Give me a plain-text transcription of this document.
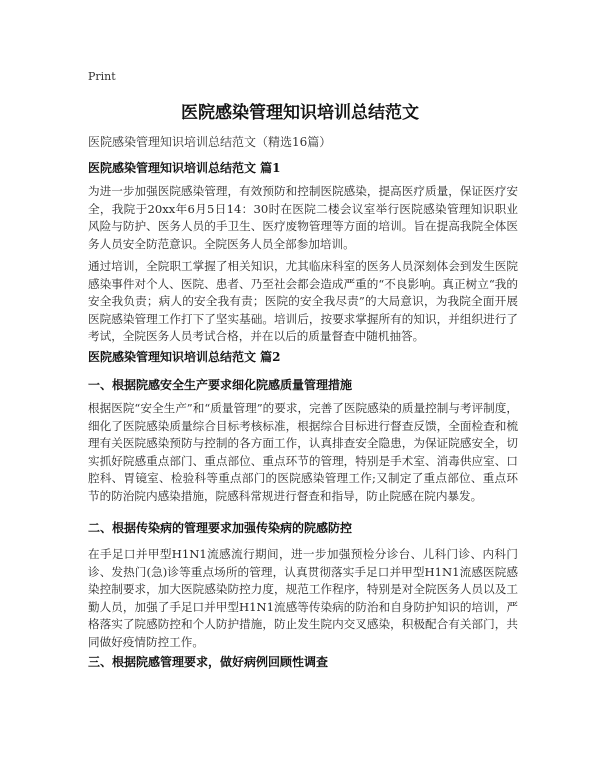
Print
医院感染管理知识培训总结范文
医院感染管理知识培训总结范文（精选16篇）
医院感染管理知识培训总结范文 篇1

为进一步加强医院感染管理，有效预防和控制医院感染，提高医疗质量，保证医疗安全，我院于20xx年6月5日14：30时在医院二楼会议室举行医院感染管理知识职业风险与防护、医务人员的手卫生、医疗废物管理等方面的培训。旨在提高我院全体医务人员安全防范意识。全院医务人员全部参加培训。

通过培训，全院职工掌握了相关知识，尤其临床科室的医务人员深刻体会到发生医院感染事件对个人、医院、患者、乃至社会都会造成严重的“不良影响。真正树立“我的安全我负责；病人的安全我有责；医院的安全我尽责”的大局意识，为我院全面开展医院感染管理工作打下了坚实基础。培训后，按要求掌握所有的知识，并组织进行了考试，全院医务人员考试合格，并在以后的质量督查中随机抽答。

医院感染管理知识培训总结范文 篇2
一、根据院感安全生产要求细化院感质量管理措施

根据医院“安全生产”和“质量管理”的要求，完善了医院感染的质量控制与考评制度，细化了医院感染质量综合目标考核标准，根据综合目标进行督查反馈，全面检查和梳理有关医院感染预防与控制的各方面工作，认真排查安全隐患，为保证院感安全，切实抓好院感重点部门、重点部位、重点环节的管理，特别是手术室、消毒供应室、口腔科、胃镜室、检验科等重点部门的医院感染管理工作;又制定了重点部位、重点环节的防治院内感染措施，院感科常规进行督查和指导，防止院感在院内暴发。

二、根据传染病的管理要求加强传染病的院感防控

在手足口并甲型H1N1流感流行期间，进一步加强预检分诊台、儿科门诊、内科门诊、发热门(急)诊等重点场所的管理，认真贯彻落实手足口并甲型H1N1流感医院感染控制要求，加大医院感染防控力度，规范工作程序，特别是对全院医务人员以及工勤人员，加强了手足口并甲型H1N1流感等传染病的防治和自身防护知识的培训，严格落实了院感防控和个人防护措施，防止发生院内交叉感染，积极配合有关部门，共同做好疫情防控工作。

三、根据院感管理要求，做好病例回顾性调查
